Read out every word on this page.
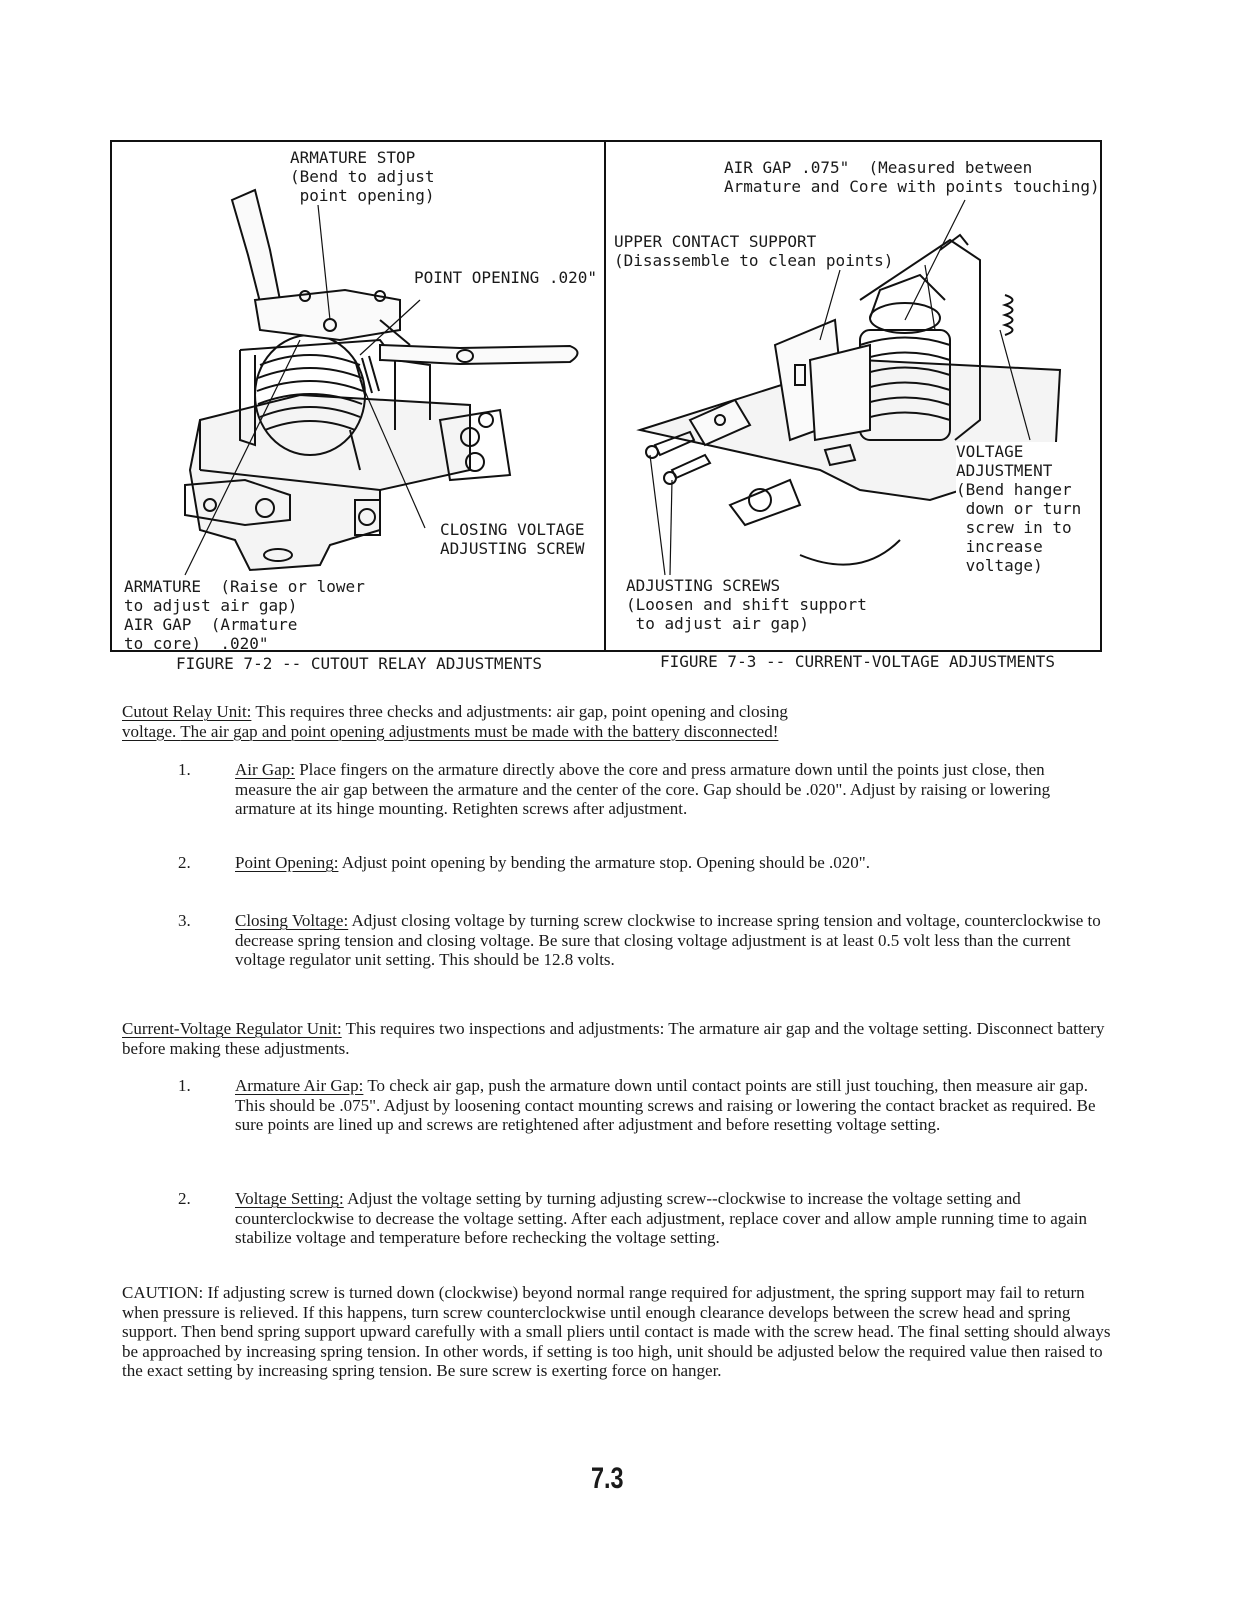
ARMATURE STOP
(Bend to adjust
point opening)
POINT OPENING .020"
CLOSING VOLTAGE
ADJUSTING SCREW
ARMATURE  (Raise or lower
to adjust air gap)
AIR GAP  (Armature
to core)  .020"
AIR GAP .075"  (Measured between
Armature and Core with points touching)
UPPER CONTACT SUPPORT
(Disassemble to clean points)
VOLTAGE
ADJUSTMENT
(Bend hanger
down or turn
screw in to
increase
voltage)
ADJUSTING SCREWS
(Loosen and shift support
to adjust air gap)
FIGURE 7-2 -- CUTOUT RELAY ADJUSTMENTS	FIGURE 7-3 -- CURRENT-VOLTAGE ADJUSTMENTS
Cutout Relay Unit: This requires three checks and adjustments: air gap, point opening and closing
voltage. The air gap and point opening adjustments must be made with the battery disconnected!
1.	Air Gap: Place fingers on the armature directly above the core and press armature down until the points just close, then measure the air gap between the armature and the center of the core. Gap should be .020". Adjust by raising or lowering armature at its hinge mounting. Retighten screws after adjustment.
2.	Point Opening: Adjust point opening by bending the armature stop. Opening should be .020".
3.	Closing Voltage: Adjust closing voltage by turning screw clockwise to increase spring tension and voltage, counterclockwise to decrease spring tension and closing voltage. Be sure that closing voltage adjustment is at least 0.5 volt less than the current voltage regulator unit setting. This should be 12.8 volts.
Current-Voltage Regulator Unit: This requires two inspections and adjustments: The armature air gap and the voltage setting. Disconnect battery before making these adjustments.
1.	Armature Air Gap: To check air gap, push the armature down until contact points are still just touching, then measure air gap. This should be .075". Adjust by loosening contact mounting screws and raising or lowering the contact bracket as required. Be sure points are lined up and screws are retightened after adjustment and before resetting voltage setting.
2.	Voltage Setting: Adjust the voltage setting by turning adjusting screw--clockwise to increase the voltage setting and counterclockwise to decrease the voltage setting. After each adjustment, replace cover and allow ample running time to again stabilize voltage and temperature before rechecking the voltage setting.
CAUTION: If adjusting screw is turned down (clockwise) beyond normal range required for adjustment, the spring support may fail to return when pressure is relieved. If this happens, turn screw counterclockwise until enough clearance develops between the screw head and spring support. Then bend spring support upward carefully with a small pliers until contact is made with the screw head. The final setting should always be approached by increasing spring tension. In other words, if setting is too high, unit should be adjusted below the required value then raised to the exact setting by increasing spring tension. Be sure screw is exerting force on hanger.
7.3
